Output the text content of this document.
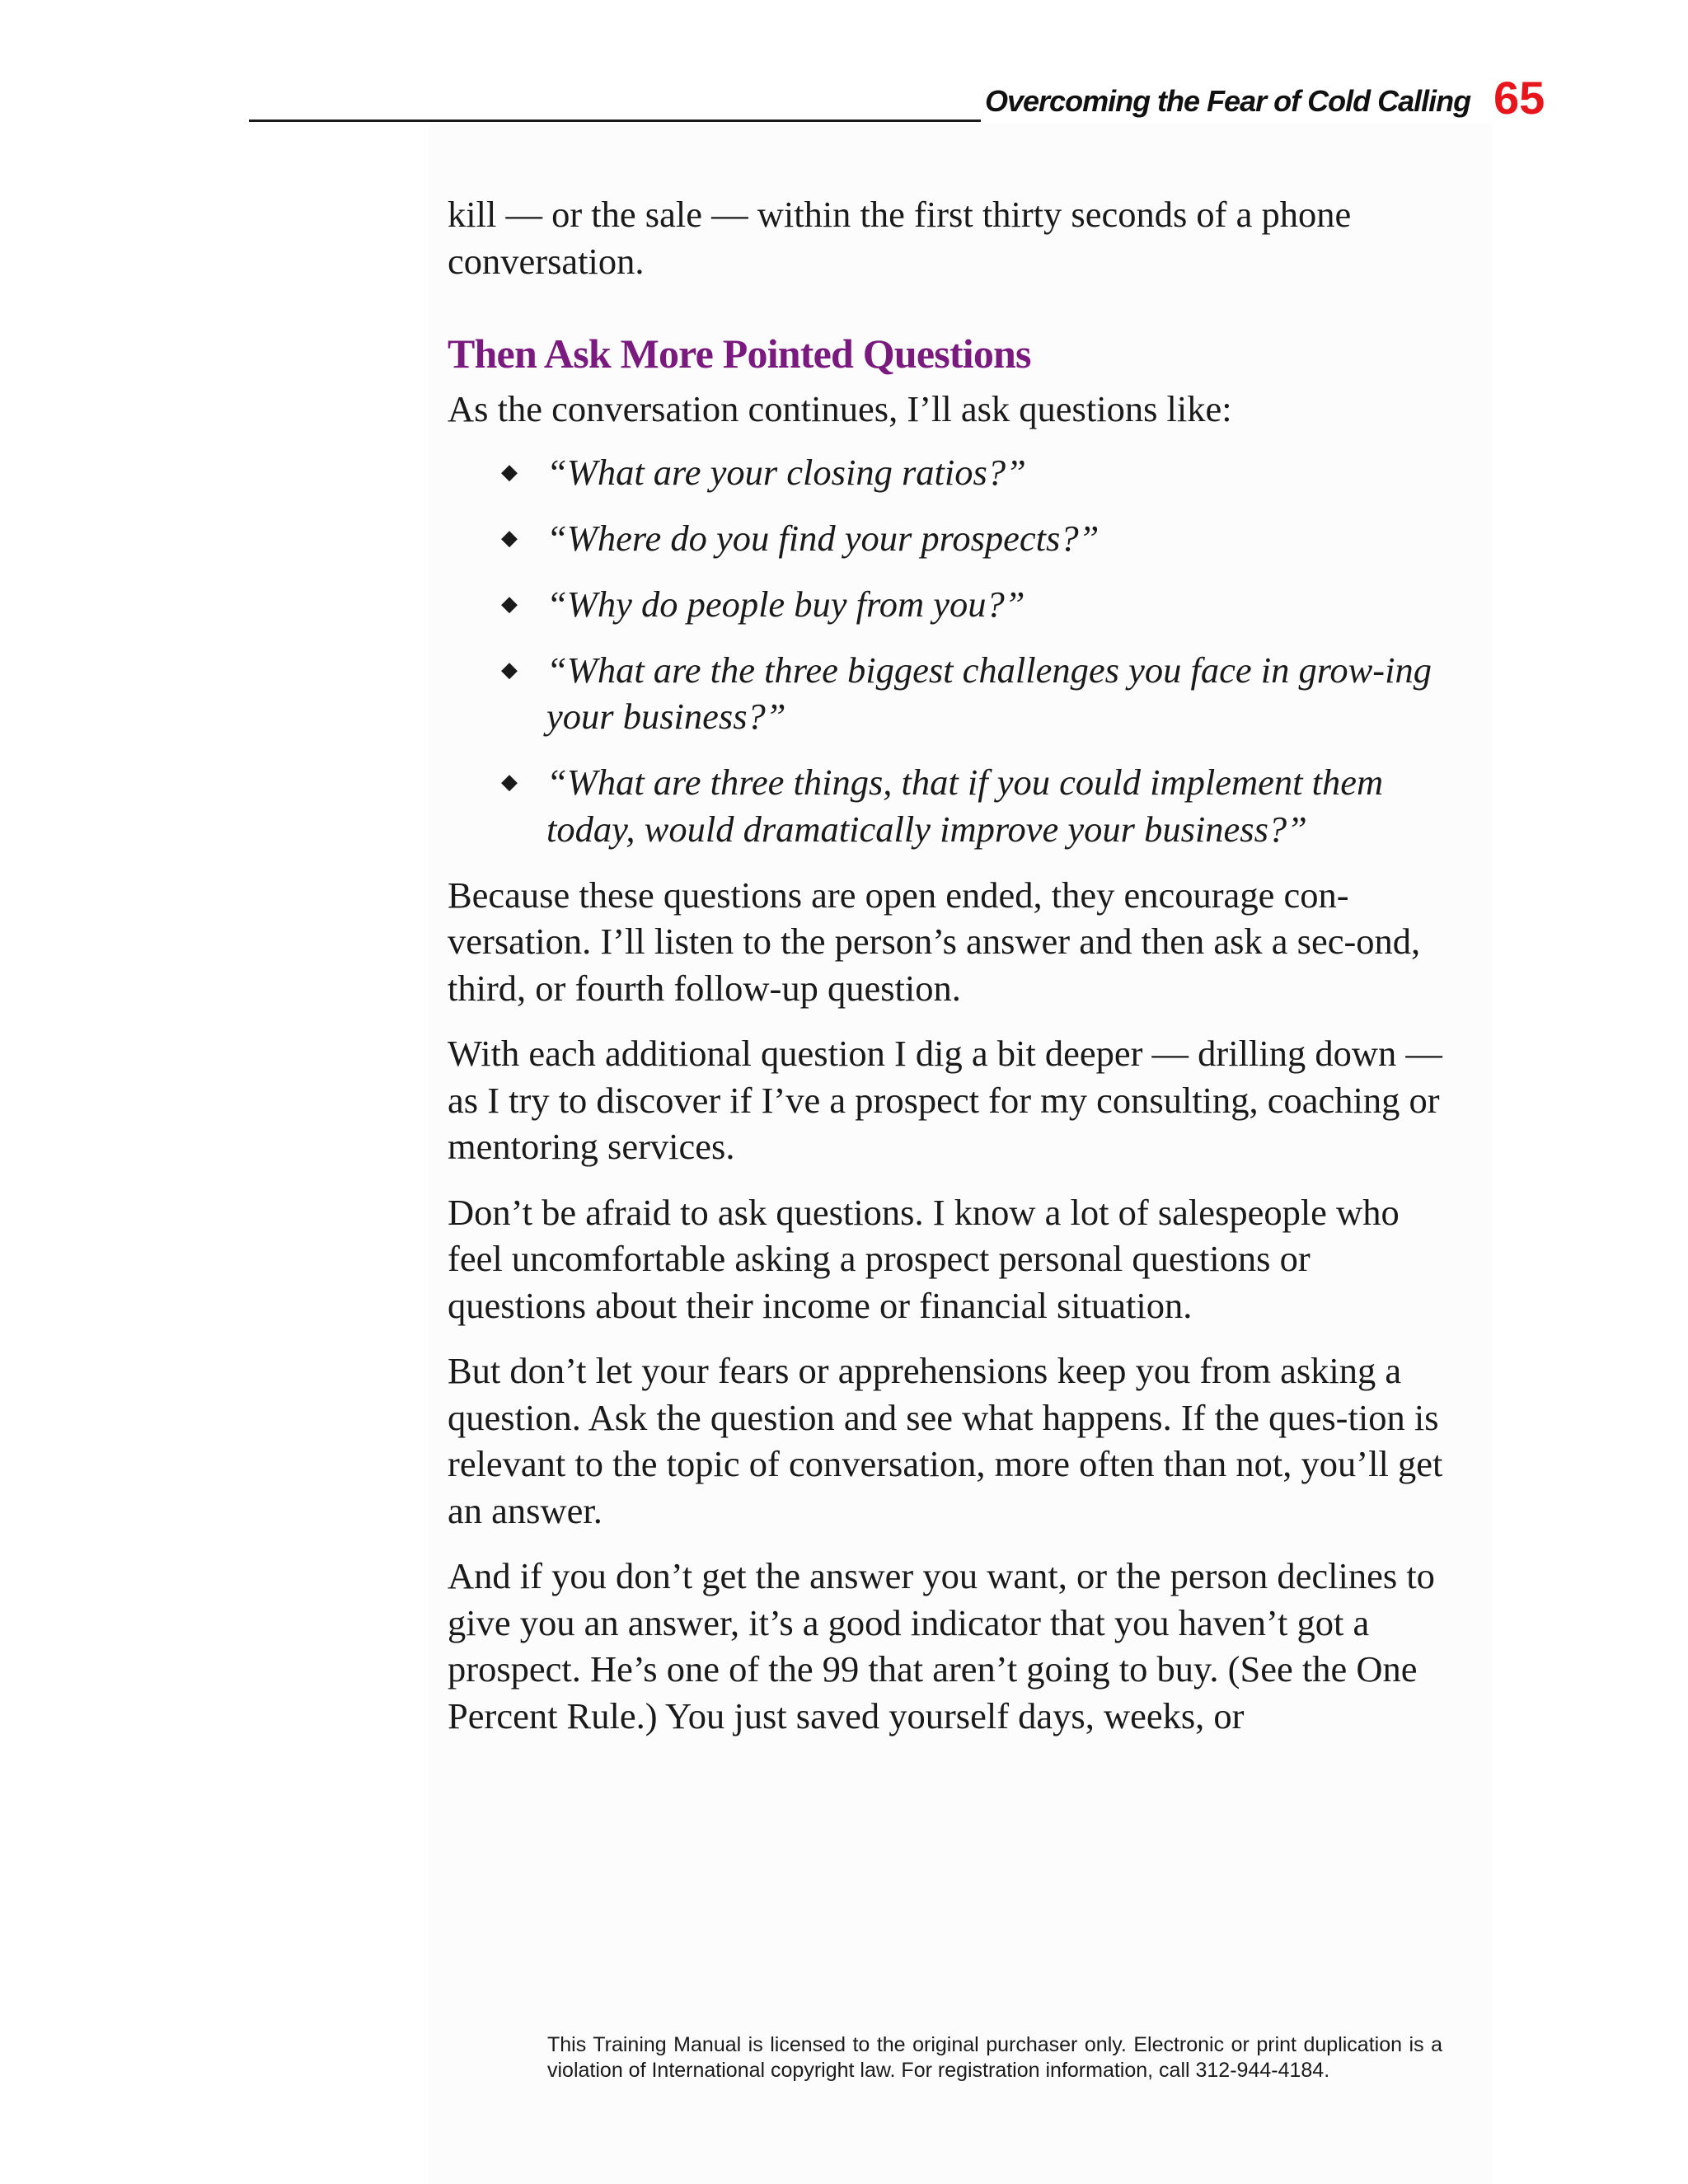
Overcoming the Fear of Cold Calling 65

kill — or the sale — within the first thirty seconds of a phone conversation.

Then Ask More Pointed Questions

As the conversation continues, I’ll ask questions like:

◆ “What are your closing ratios?”
◆ “Where do you find your prospects?”
◆ “Why do people buy from you?”
◆ “What are the three biggest challenges you face in grow-ing your business?”
◆ “What are three things, that if you could implement them today, would dramatically improve your business?”

Because these questions are open ended, they encourage con-versation. I’ll listen to the person’s answer and then ask a sec-ond, third, or fourth follow-up question.

With each additional question I dig a bit deeper — drilling down — as I try to discover if I’ve a prospect for my consulting, coaching or mentoring services.

Don’t be afraid to ask questions. I know a lot of salespeople who feel uncomfortable asking a prospect personal questions or questions about their income or financial situation.

But don’t let your fears or apprehensions keep you from asking a question. Ask the question and see what happens. If the ques-tion is relevant to the topic of conversation, more often than not, you’ll get an answer.

And if you don’t get the answer you want, or the person declines to give you an answer, it’s a good indicator that you haven’t got a prospect. He’s one of the 99 that aren’t going to buy. (See the One Percent Rule.) You just saved yourself days, weeks, or

This Training Manual is licensed to the original purchaser only. Electronic or print duplication is a violation of International copyright law. For registration information, call 312-944-4184.
